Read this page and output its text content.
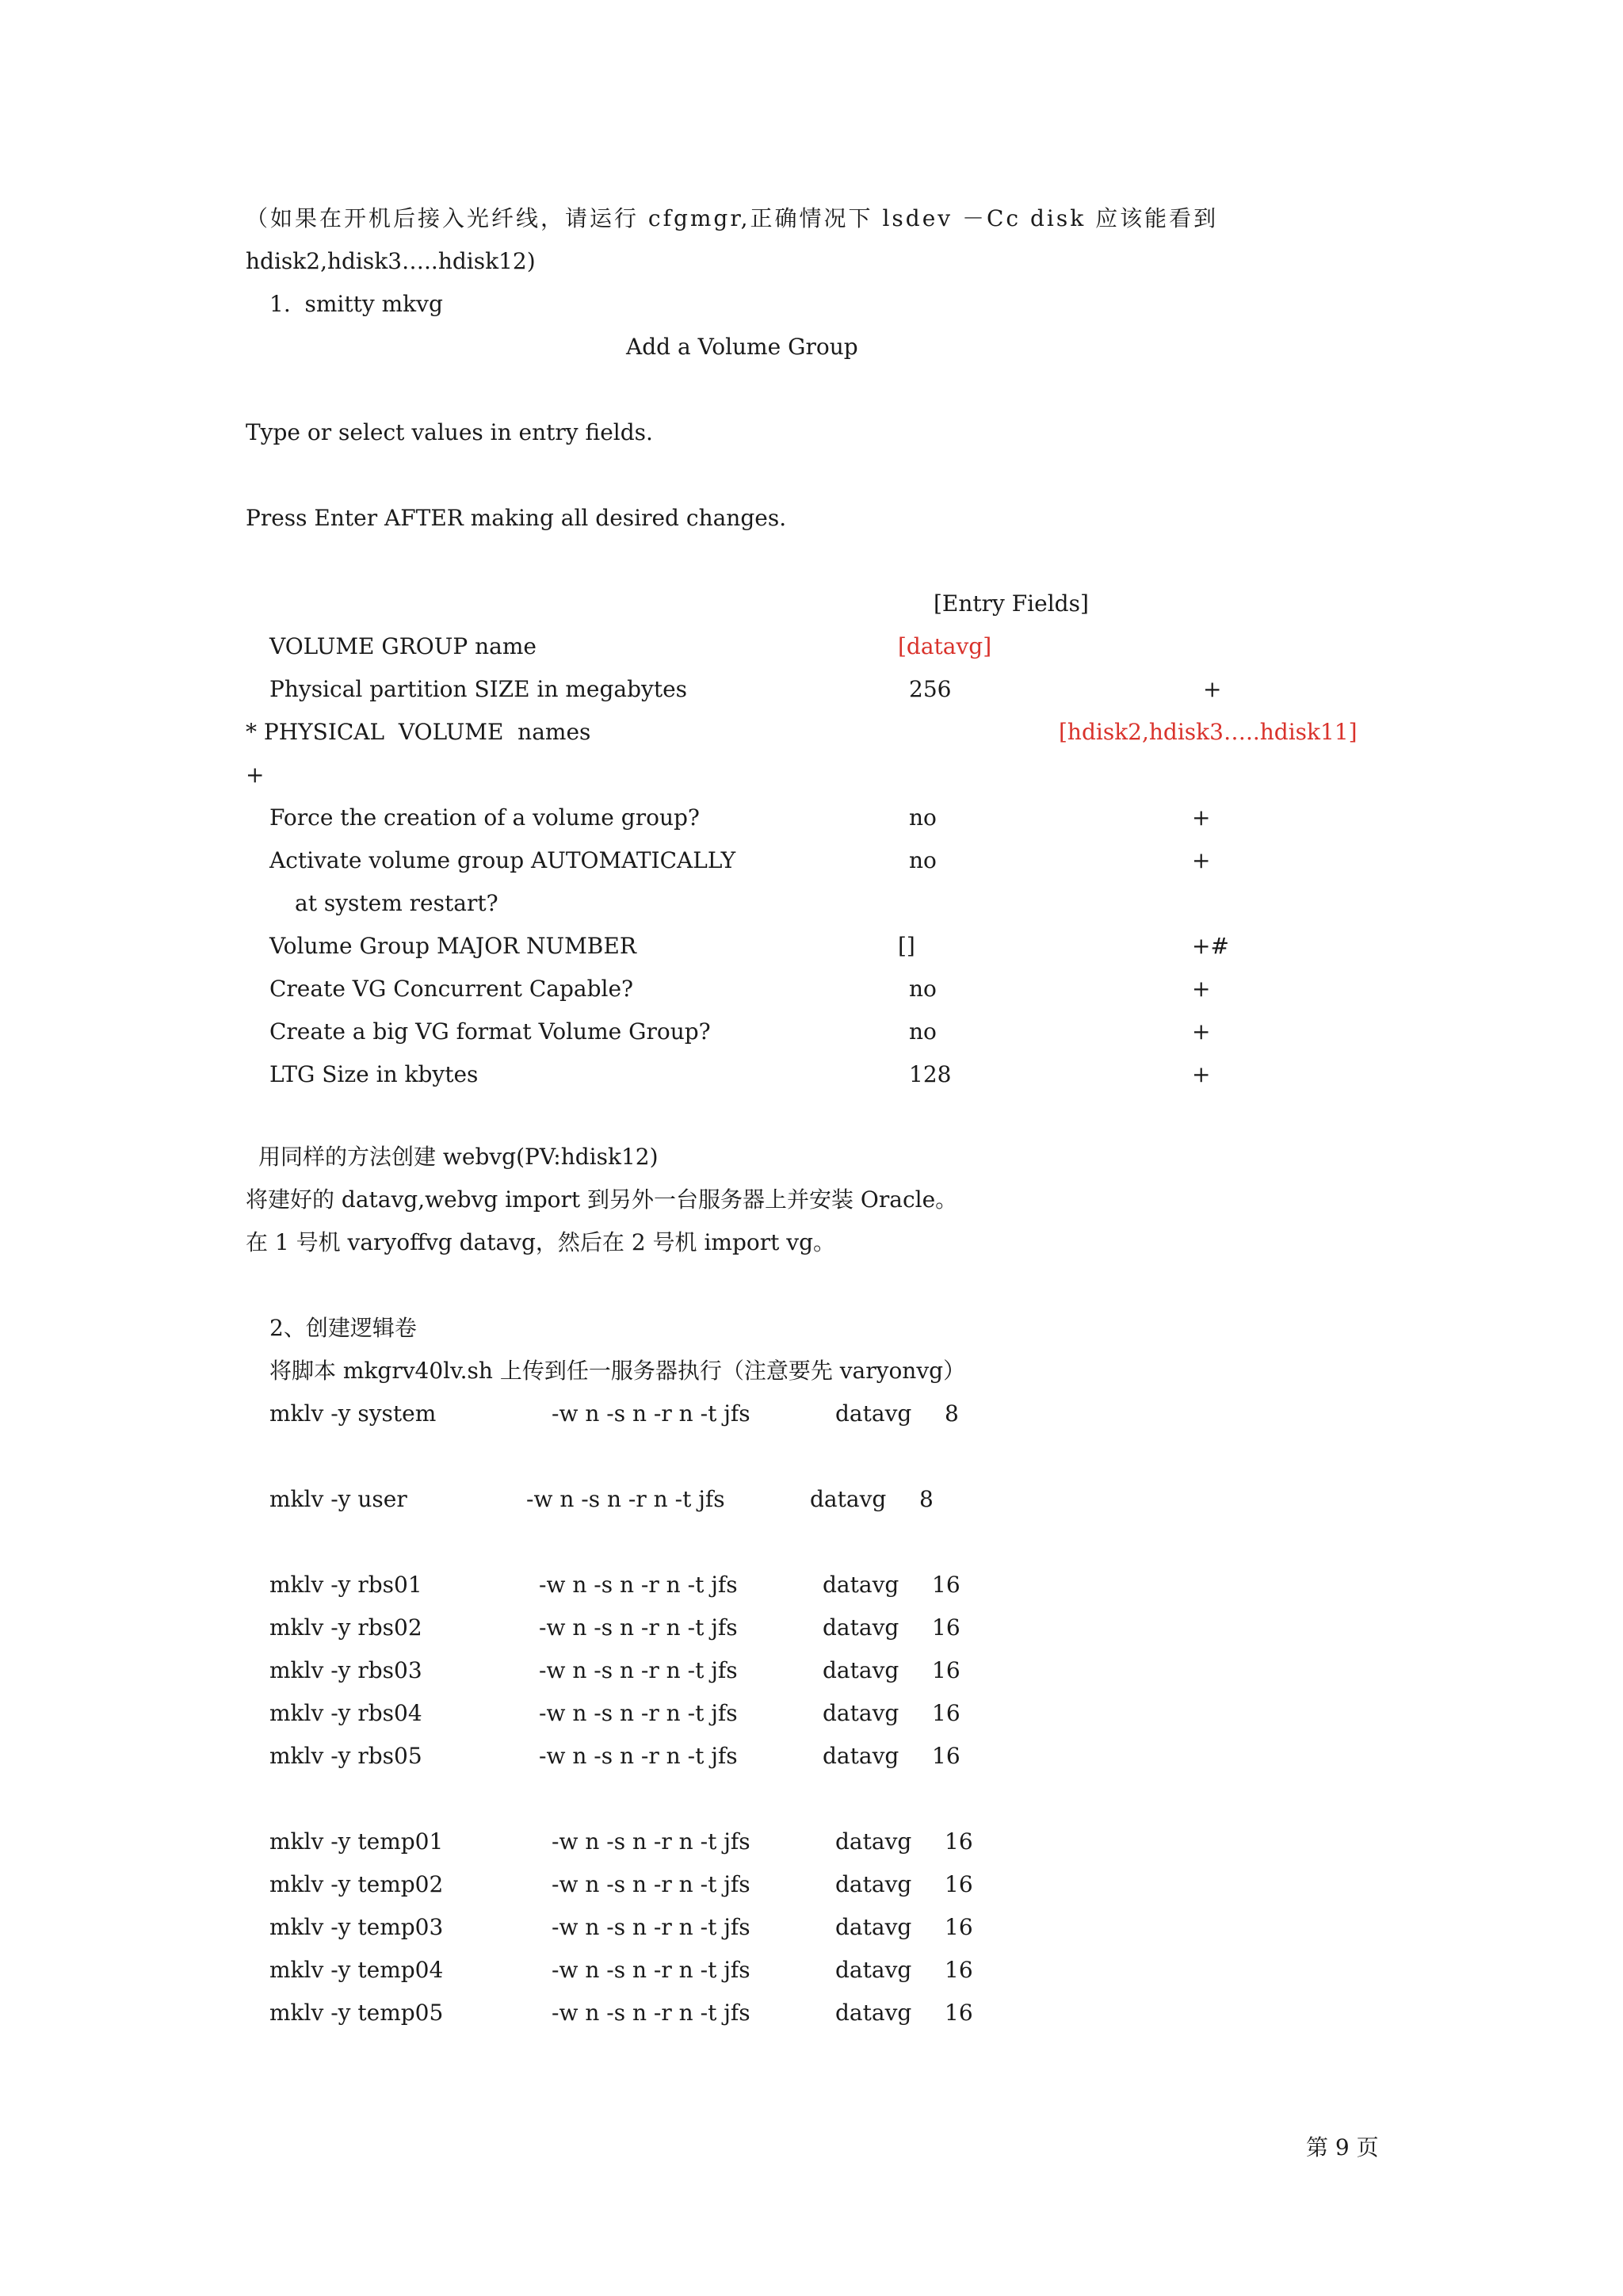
（如果在开机后接入光纤线，请运行 cfgmgr,正确情况下 lsdev －Cc disk 应该能看到
hdisk2,hdisk3…..hdisk12)
1.  smitty mkvg
Add a Volume Group
Type or select values in entry fields.
Press Enter AFTER making all desired changes.
[Entry Fields]
VOLUME GROUP name	[datavg]
Physical partition SIZE in megabytes	256	+
* PHYSICAL  VOLUME  names	[hdisk2,hdisk3…..hdisk11]
+
Force the creation of a volume group?	no	+
Activate volume group AUTOMATICALLY	no	+
at system restart?
Volume Group MAJOR NUMBER	[]	+#
Create VG Concurrent Capable?	no	+
Create a big VG format Volume Group?	no	+
LTG Size in kbytes	128	+
用同样的方法创建 webvg(PV:hdisk12)
将建好的 datavg,webvg import 到另外一台服务器上并安装 Oracle。
在 1 号机 varyoffvg datavg，然后在 2 号机 import vg。
2、创建逻辑卷
将脚本 mkgrv40lv.sh 上传到任一服务器执行（注意要先 varyonvg）
mklv -y system	-w n -s n -r n -t jfs	datavg 8
mklv -y user	-w n -s n -r n -t jfs	datavg 8
mklv -y rbs01	-w n -s n -r n -t jfs	datavg 16
mklv -y rbs02	-w n -s n -r n -t jfs	datavg 16
mklv -y rbs03	-w n -s n -r n -t jfs	datavg 16
mklv -y rbs04	-w n -s n -r n -t jfs	datavg 16
mklv -y rbs05	-w n -s n -r n -t jfs	datavg 16
mklv -y temp01	-w n -s n -r n -t jfs	datavg 16
mklv -y temp02	-w n -s n -r n -t jfs	datavg 16
mklv -y temp03	-w n -s n -r n -t jfs	datavg 16
mklv -y temp04	-w n -s n -r n -t jfs	datavg 16
mklv -y temp05	-w n -s n -r n -t jfs	datavg 16
第 9 页
